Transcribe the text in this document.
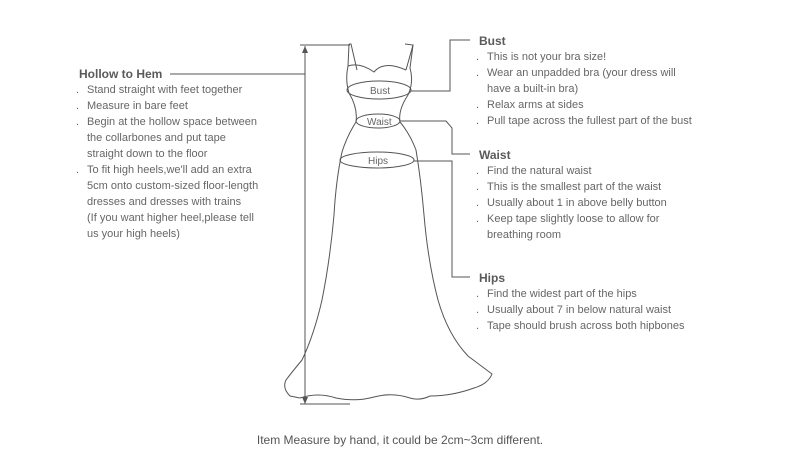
Bust
Waist
Hips
Hollow to Hem
. Stand straight with feet together
. Measure in bare feet
. Begin at the hollow space between
the collarbones and put tape
straight down to the floor
. To fit high heels,we'll add an extra
5cm onto custom-sized floor-length
dresses and dresses with trains
(If you want higher heel,please tell
us your high heels)
Bust
. This is not your bra size!
. Wear an unpadded bra (your dress will
have a built-in bra)
. Relax arms at sides
. Pull tape across the fullest part of the bust
Waist
. Find the natural waist
. This is the smallest part of the waist
. Usually about 1 in above belly button
. Keep tape slightly loose to allow for
breathing room
Hips
. Find the widest part of the hips
. Usually about 7 in below natural waist
. Tape should brush across both hipbones
Item Measure by hand, it could be 2cm~3cm different.
